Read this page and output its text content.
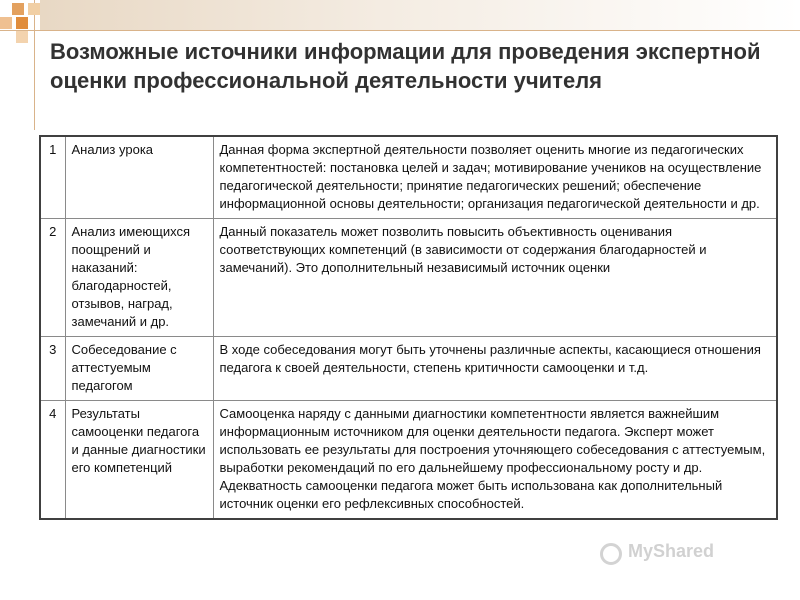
Возможные источники информации для проведения экспертной оценки профессиональной деятельности учителя
1	Анализ урока	Данная форма экспертной деятельности позволяет оценить многие из педагогических компетентностей: постановка целей и задач; мотивирование учеников на осуществление педагогической деятельности; принятие педагогических решений; обеспечение информационной основы деятельности; организация педагогической деятельности и др.
2	Анализ имеющихся поощрений и наказаний: благодарностей, отзывов, наград, замечаний и др.	Данный показатель может позволить повысить объективность оценивания соответствующих компетенций (в зависимости от содержания благодарностей и замечаний). Это дополнительный независимый источник оценки
3	Собеседование с аттестуемым педагогом	В ходе собеседования могут быть уточнены различные аспекты, касающиеся отношения педагога к своей деятельности, степень критичности самооценки и т.д.
4	Результаты самооценки педагога и данные диагностики его компетенций	Самооценка наряду с данными диагностики компетентности является важнейшим информационным источником для оценки деятельности педагога. Эксперт может использовать ее результаты для построения уточняющего собеседования с аттестуемым, выработки рекомендаций по его дальнейшему профессиональному росту и др. Адекватность самооценки педагога может быть использована как дополнительный источник оценки его рефлексивных способностей.
MyShared
